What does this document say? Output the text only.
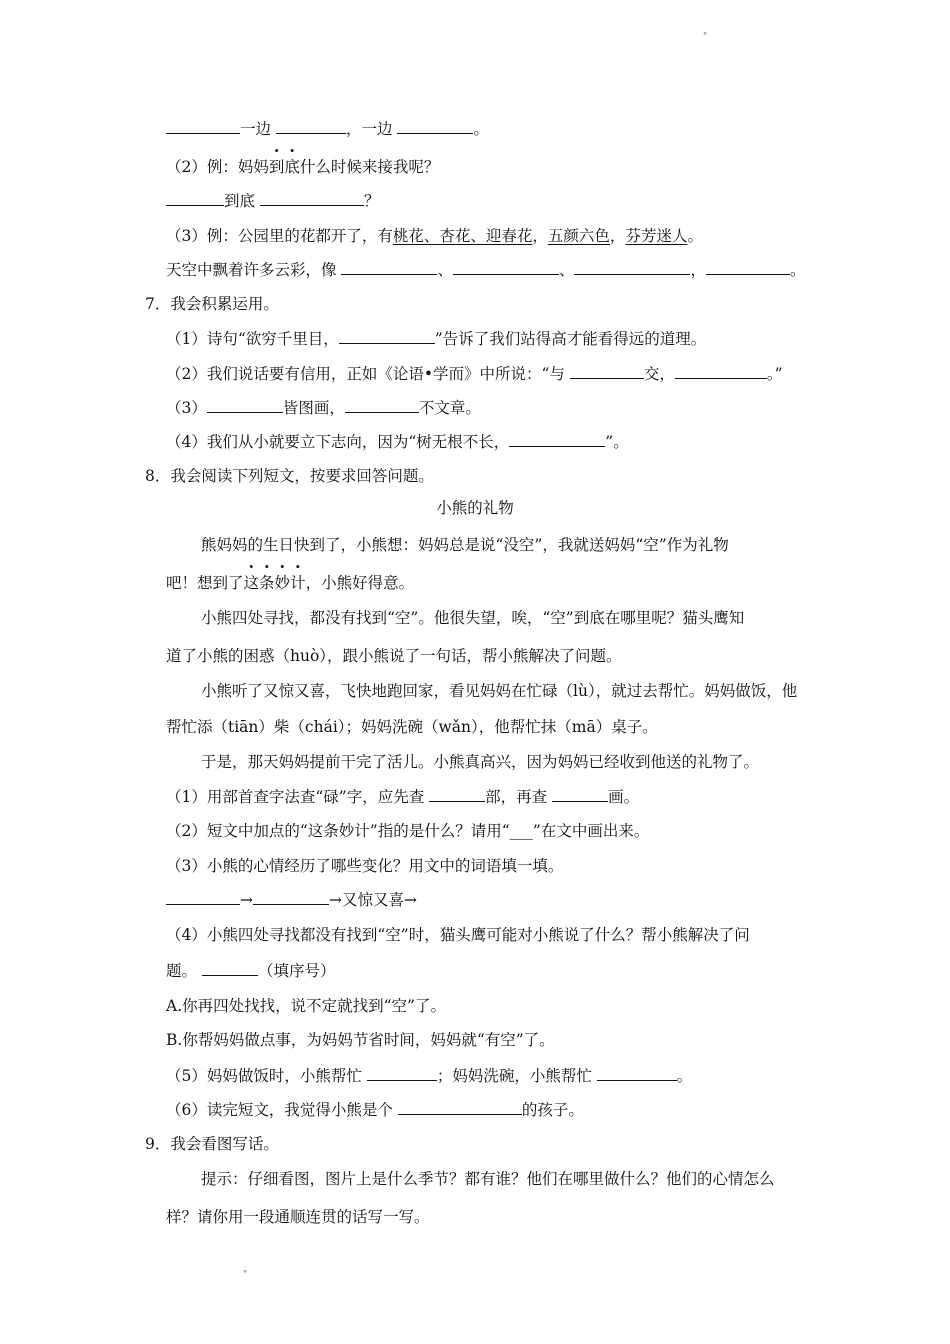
"
一边	，一边	。
（2）例：妈妈到底什么时候来接我呢？
到底	？
（3）例：公园里的花都开了，有桃花、杏花、迎春花，五颜六色，芬芳迷人。
天空中飘着许多云彩，像	、	、	，	。
7．我会积累运用。
（1）诗句“欲穷千里目，	”告诉了我们站得高才能看得远的道理。
（2）我们说话要有信用，正如《论语•学而》中所说：“与	交，	。”
（3）	皆图画，	不文章。
（4）我们从小就要立下志向，因为“树无根不长，	”。
8．我会阅读下列短文，按要求回答问题。
小熊的礼物
熊妈妈的生日快到了，小熊想：妈妈总是说“没空”，我就送妈妈“空”作为礼物
吧！想到了这条妙计，小熊好得意。
小熊四处寻找，都没有找到“空”。他很失望，唉，“空”到底在哪里呢？猫头鹰知
道了小熊的困惑（huò），跟小熊说了一句话，帮小熊解决了问题。
小熊听了又惊又喜，飞快地跑回家，看见妈妈在忙碌（lù），就过去帮忙。妈妈做饭，他
帮忙添（tiān）柴（chái）；妈妈洗碗（wǎn），他帮忙抹（mā）桌子。
于是，那天妈妈提前干完了活儿。小熊真高兴，因为妈妈已经收到他送的礼物了。
（1）用部首查字法查“碌”字，应先查	部，再查	画。
（2）短文中加点的“这条妙计”指的是什么？请用“___”在文中画出来。
（3）小熊的心情经历了哪些变化？用文中的词语填一填。
→	→又惊又喜→
（4）小熊四处寻找都没有找到“空”时，猫头鹰可能对小熊说了什么？帮小熊解决了问
题。	（填序号）
A.你再四处找找，说不定就找到“空”了。
B.你帮妈妈做点事，为妈妈节省时间，妈妈就“有空”了。
（5）妈妈做饭时，小熊帮忙	；妈妈洗碗，小熊帮忙	。
（6）读完短文，我觉得小熊是个	的孩子。
9．我会看图写话。
提示：仔细看图，图片上是什么季节？都有谁？他们在哪里做什么？他们的心情怎么
样？请你用一段通顺连贯的话写一写。
"
